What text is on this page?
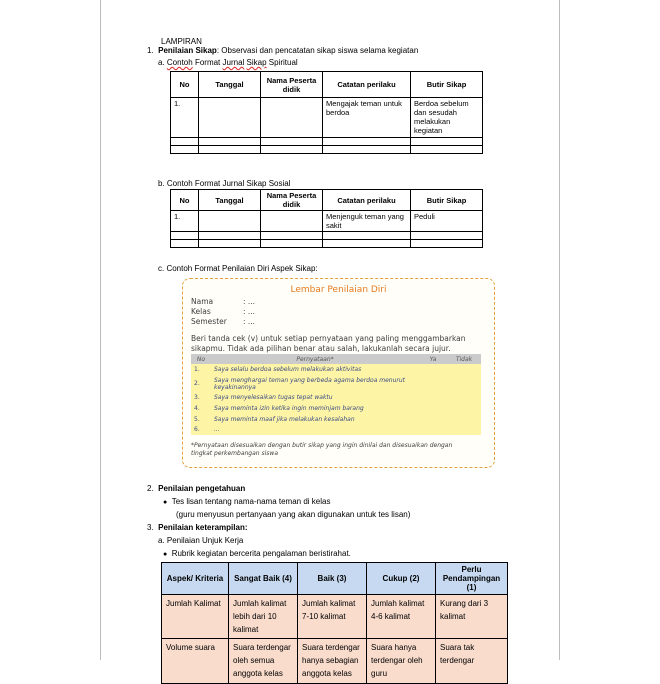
LAMPIRAN
1. Penilaian Sikap: Observasi dan pencatatan sikap siswa selama kegiatan
a. Contoh Format Jurnal Sikap Spiritual
No	Tanggal	Nama Peserta didik	Catatan perilaku	Butir Sikap
1.			Mengajak teman untuk berdoa	Berdoa sebelum dan sesudah melakukan kegiatan

b. Contoh Format Jurnal Sikap Sosial
No	Tanggal	Nama Peserta didik	Catatan perilaku	Butir Sikap
1.			Menjenguk teman yang sakit	Peduli

c. Contoh Format Penilaian Diri Aspek Sikap:
Lembar Penilaian Diri
Nama	: ...
Kelas	: ...
Semester : ...
Beri tanda cek (v) untuk setiap pernyataan yang paling menggambarkan
sikapmu. Tidak ada pilihan benar atau salah, lakukanlah secara jujur.
No	Pernyataan*	Ya	Tidak
1.	Saya selalu berdoa sebelum melakukan aktivitas		
2.	Saya menghargai teman yang berbeda agama berdoa menurut keyakinannya		
3.	Saya menyelesaikan tugas tepat waktu		
4.	Saya meminta izin ketika ingin meminjam barang		
5.	Saya meminta maaf jika melakukan kesalahan		
6.	...		
*Pernyataan disesuaikan dengan butir sikap yang ingin dinilai dan disesuaikan dengan
tingkat perkembangan siswa
2. Penilaian pengetahuan
● Tes lisan tentang nama-nama teman di kelas
(guru menyusun pertanyaan yang akan digunakan untuk tes lisan)
3. Penilaian keterampilan:
a. Penilaian Unjuk Kerja
● Rubrik kegiatan bercerita pengalaman beristirahat.
Aspek/ Kriteria	Sangat Baik (4)	Baik (3)	Cukup (2)	Perlu Pendampingan (1)
Jumlah Kalimat	Jumlah kalimat lebih dari 10 kalimat	Jumlah kalimat 7-10 kalimat	Jumlah kalimat 4-6 kalimat	Kurang dari 3 kalimat
Volume suara	Suara terdengar oleh semua anggota kelas	Suara terdengar hanya sebagian anggota kelas	Suara hanya terdengar oleh guru	Suara tak terdengar
